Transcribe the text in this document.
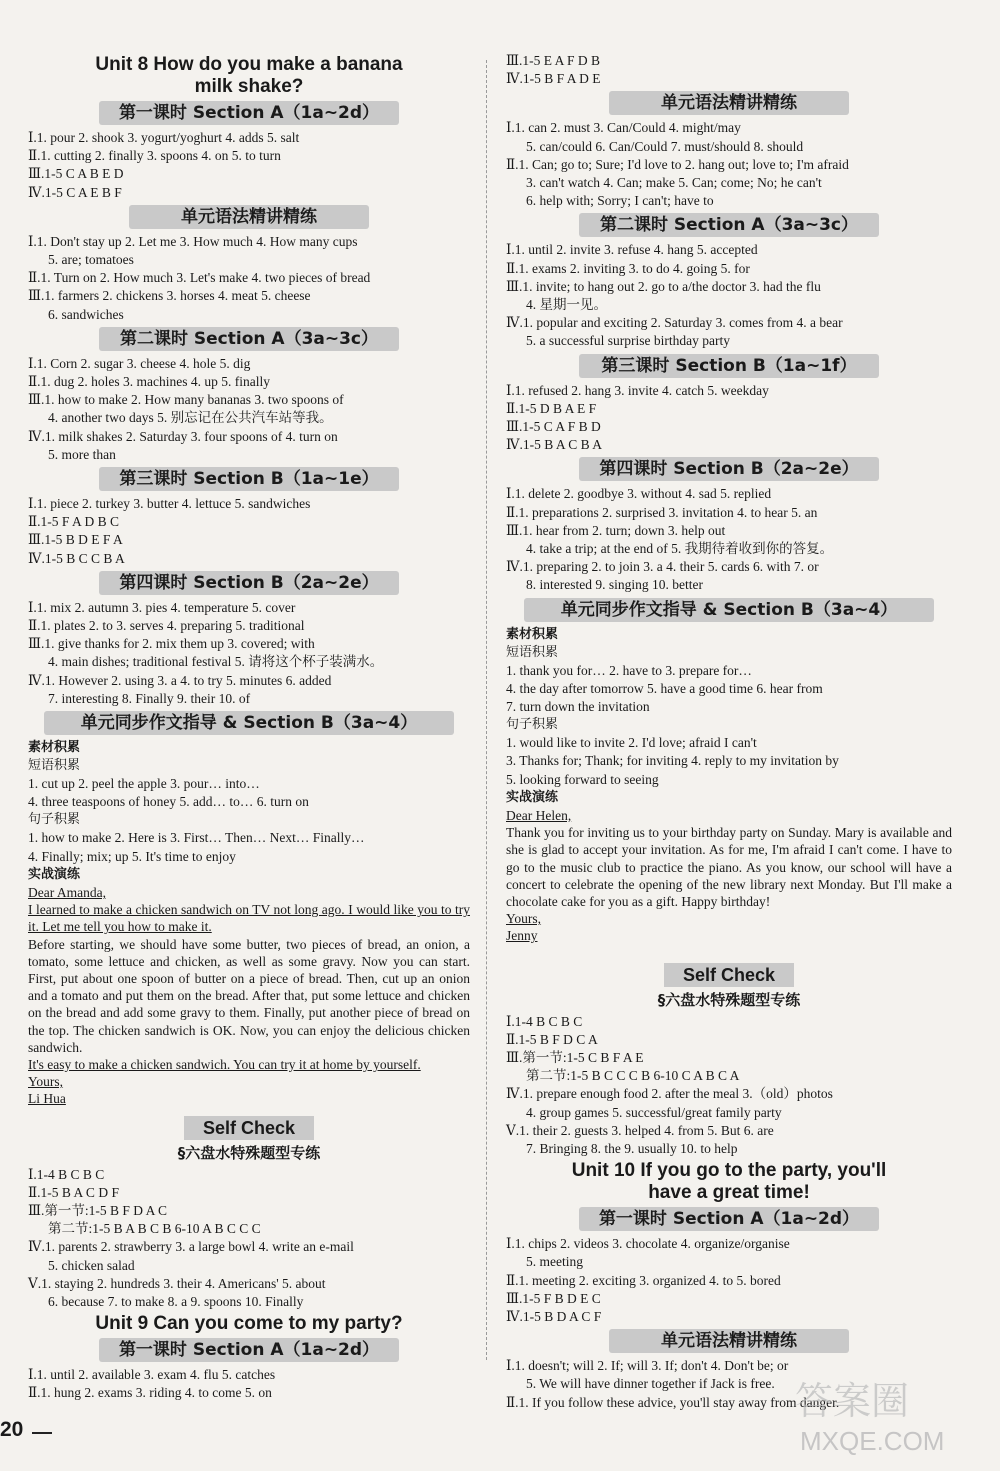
Unit 8 How do you make a banana
milk shake?
第一课时 Section A（1a~2d）
Ⅰ.1. pour 2. shook 3. yogurt/yoghurt 4. adds 5. salt
Ⅱ.1. cutting 2. finally 3. spoons 4. on 5. to turn
Ⅲ.1-5 C A B E D
Ⅳ.1-5 C A E B F
单元语法精讲精练
Ⅰ.1. Don't stay up 2. Let me 3. How much 4. How many cups
5. are; tomatoes
Ⅱ.1. Turn on 2. How much 3. Let's make 4. two pieces of bread
Ⅲ.1. farmers 2. chickens 3. horses 4. meat 5. cheese
6. sandwiches
第二课时 Section A（3a~3c）
Ⅰ.1. Corn 2. sugar 3. cheese 4. hole 5. dig
Ⅱ.1. dug 2. holes 3. machines 4. up 5. finally
Ⅲ.1. how to make 2. How many bananas 3. two spoons of
4. another two days 5. 别忘记在公共汽车站等我。
Ⅳ.1. milk shakes 2. Saturday 3. four spoons of 4. turn on
5. more than
第三课时 Section B（1a~1e）
Ⅰ.1. piece 2. turkey 3. butter 4. lettuce 5. sandwiches
Ⅱ.1-5 F A D B C
Ⅲ.1-5 B D E F A
Ⅳ.1-5 B C C B A
第四课时 Section B（2a~2e）
Ⅰ.1. mix 2. autumn 3. pies 4. temperature 5. cover
Ⅱ.1. plates 2. to 3. serves 4. preparing 5. traditional
Ⅲ.1. give thanks for 2. mix them up 3. covered; with
4. main dishes; traditional festival 5. 请将这个杯子装满水。
Ⅳ.1. However 2. using 3. a 4. to try 5. minutes 6. added
7. interesting 8. Finally 9. their 10. of
单元同步作文指导 & Section B（3a~4）
素材积累
短语积累
1. cut up 2. peel the apple 3. pour… into…
4. three teaspoons of honey 5. add… to… 6. turn on
句子积累
1. how to make 2. Here is 3. First… Then… Next… Finally…
4. Finally; mix; up 5. It's time to enjoy
实战演练
Dear Amanda,
I learned to make a chicken sandwich on TV not long ago. I would like you to try it. Let me tell you how to make it.
Before starting, we should have some butter, two pieces of bread, an onion, a tomato, some lettuce and chicken, as well as some gravy. Now you can start. First, put about one spoon of butter on a piece of bread. Then, cut up an onion and a tomato and put them on the bread. After that, put some lettuce and chicken on the bread and add some gravy to them. Finally, put another piece of bread on the top. The chicken sandwich is OK. Now, you can enjoy the delicious chicken sandwich.
It's easy to make a chicken sandwich. You can try it at home by yourself.
Yours,
Li Hua
Self Check
§六盘水特殊题型专练
Ⅰ.1-4 B C B C
Ⅱ.1-5 B A C D F
Ⅲ.第一节:1-5 B F D A C
第二节:1-5 B A B C B 6-10 A B C C C
Ⅳ.1. parents 2. strawberry 3. a large bowl 4. write an e-mail
5. chicken salad
Ⅴ.1. staying 2. hundreds 3. their 4. Americans' 5. about
6. because 7. to make 8. a 9. spoons 10. Finally
Unit 9 Can you come to my party?
第一课时 Section A（1a~2d）
Ⅰ.1. until 2. available 3. exam 4. flu 5. catches
Ⅱ.1. hung 2. exams 3. riding 4. to come 5. on
Ⅲ.1-5 E A F D B
Ⅳ.1-5 B F A D E
单元语法精讲精练
Ⅰ.1. can 2. must 3. Can/Could 4. might/may
5. can/could 6. Can/Could 7. must/should 8. should
Ⅱ.1. Can; go to; Sure; I'd love to 2. hang out; love to; I'm afraid
3. can't watch 4. Can; make 5. Can; come; No; he can't
6. help with; Sorry; I can't; have to
第二课时 Section A（3a~3c）
Ⅰ.1. until 2. invite 3. refuse 4. hang 5. accepted
Ⅱ.1. exams 2. inviting 3. to do 4. going 5. for
Ⅲ.1. invite; to hang out 2. go to a/the doctor 3. had the flu
4. 星期一见。
Ⅳ.1. popular and exciting 2. Saturday 3. comes from 4. a bear
5. a successful surprise birthday party
第三课时 Section B（1a~1f）
Ⅰ.1. refused 2. hang 3. invite 4. catch 5. weekday
Ⅱ.1-5 D B A E F
Ⅲ.1-5 C A F B D
Ⅳ.1-5 B A C B A
第四课时 Section B（2a~2e）
Ⅰ.1. delete 2. goodbye 3. without 4. sad 5. replied
Ⅱ.1. preparations 2. surprised 3. invitation 4. to hear 5. an
Ⅲ.1. hear from 2. turn; down 3. help out
4. take a trip; at the end of 5. 我期待着收到你的答复。
Ⅳ.1. preparing 2. to join 3. a 4. their 5. cards 6. with 7. or
8. interested 9. singing 10. better
单元同步作文指导 & Section B（3a~4）
素材积累
短语积累
1. thank you for… 2. have to 3. prepare for…
4. the day after tomorrow 5. have a good time 6. hear from
7. turn down the invitation
句子积累
1. would like to invite 2. I'd love; afraid I can't
3. Thanks for; Thank; for inviting 4. reply to my invitation by
5. looking forward to seeing
实战演练
Dear Helen,
Thank you for inviting us to your birthday party on Sunday. Mary is available and she is glad to accept your invitation. As for me, I'm afraid I can't come. I have to go to the music club to practice the piano. As you know, our school will have a concert to celebrate the opening of the new library next Monday. But I'll make a chocolate cake for you as a gift. Happy birthday!
Yours,
Jenny
Self Check
§六盘水特殊题型专练
Ⅰ.1-4 B C B C
Ⅱ.1-5 B F D C A
Ⅲ.第一节:1-5 C B F A E
第二节:1-5 B C C C B 6-10 C A B C A
Ⅳ.1. prepare enough food 2. after the meal 3.（old）photos
4. group games 5. successful/great family party
Ⅴ.1. their 2. guests 3. helped 4. from 5. But 6. are
7. Bringing 8. the 9. usually 10. to help
Unit 10 If you go to the party, you'll
have a great time!
第一课时 Section A（1a~2d）
Ⅰ.1. chips 2. videos 3. chocolate 4. organize/organise
5. meeting
Ⅱ.1. meeting 2. exciting 3. organized 4. to 5. bored
Ⅲ.1-5 F B D E C
Ⅳ.1-5 B D A C F
单元语法精讲精练
Ⅰ.1. doesn't; will 2. If; will 3. If; don't 4. Don't be; or
5. We will have dinner together if Jack is free.
Ⅱ.1. If you follow these advice, you'll stay away from danger.
20
答案圈
MXQE.COM
